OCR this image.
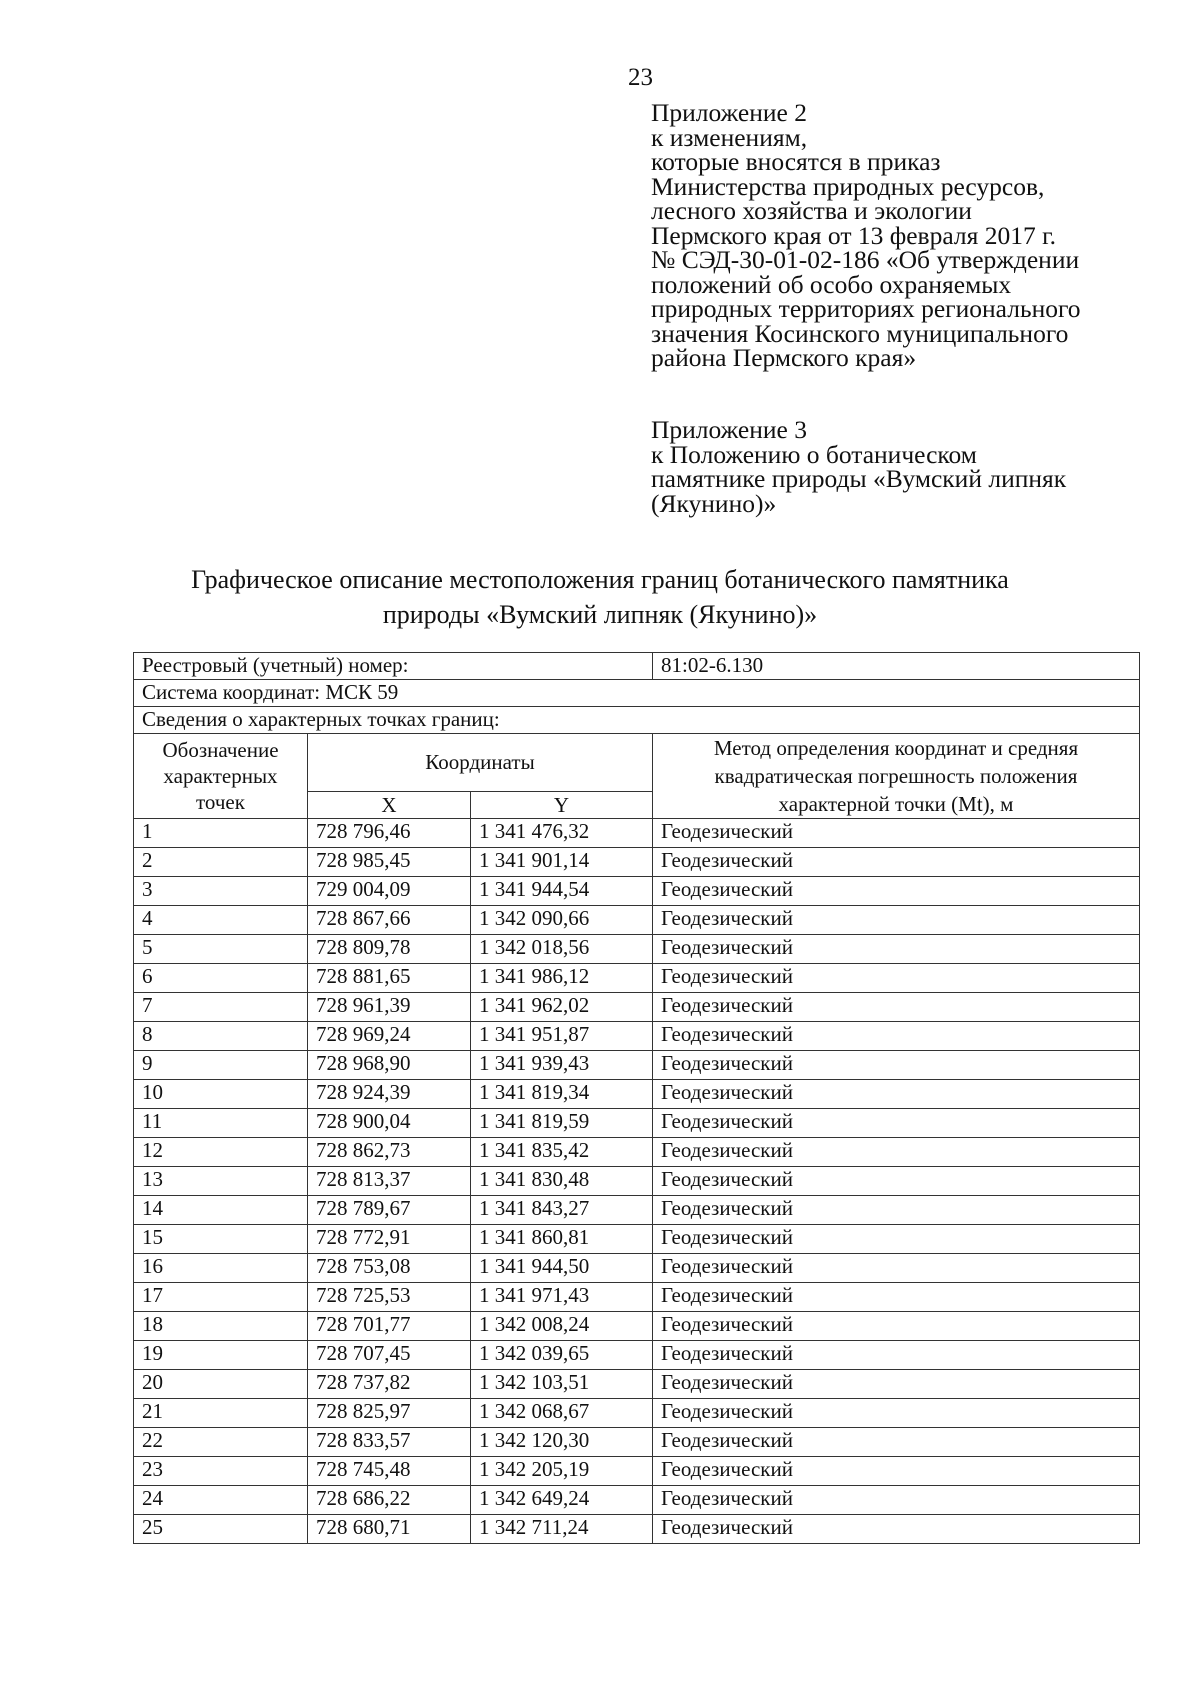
23
Приложение 2
к изменениям,
которые вносятся в приказ
Министерства природных ресурсов,
лесного хозяйства и экологии
Пермского края от 13 февраля 2017 г.
№ СЭД-30-01-02-186 «Об утверждении
положений об особо охраняемых
природных территориях регионального
значения Косинского муниципального
района Пермского края»
Приложение 3
к Положению о ботаническом
памятнике природы «Вумский липняк
(Якунино)»
Графическое описание местоположения границ ботанического памятника
природы «Вумский липняк (Якунино)»
Реестровый (учетный) номер:			81:02-6.130
Система координат: МСК 59			
Сведения о характерных точках границ:			
Обозначение характерных точек	Координаты		Метод определения координат и средняя квадратическая погрешность положения характерной точки (Mt), м
	X	Y	
1	728 796,46	1 341 476,32	Геодезический
2	728 985,45	1 341 901,14	Геодезический
3	729 004,09	1 341 944,54	Геодезический
4	728 867,66	1 342 090,66	Геодезический
5	728 809,78	1 342 018,56	Геодезический
6	728 881,65	1 341 986,12	Геодезический
7	728 961,39	1 341 962,02	Геодезический
8	728 969,24	1 341 951,87	Геодезический
9	728 968,90	1 341 939,43	Геодезический
10	728 924,39	1 341 819,34	Геодезический
11	728 900,04	1 341 819,59	Геодезический
12	728 862,73	1 341 835,42	Геодезический
13	728 813,37	1 341 830,48	Геодезический
14	728 789,67	1 341 843,27	Геодезический
15	728 772,91	1 341 860,81	Геодезический
16	728 753,08	1 341 944,50	Геодезический
17	728 725,53	1 341 971,43	Геодезический
18	728 701,77	1 342 008,24	Геодезический
19	728 707,45	1 342 039,65	Геодезический
20	728 737,82	1 342 103,51	Геодезический
21	728 825,97	1 342 068,67	Геодезический
22	728 833,57	1 342 120,30	Геодезический
23	728 745,48	1 342 205,19	Геодезический
24	728 686,22	1 342 649,24	Геодезический
25	728 680,71	1 342 711,24	Геодезический
